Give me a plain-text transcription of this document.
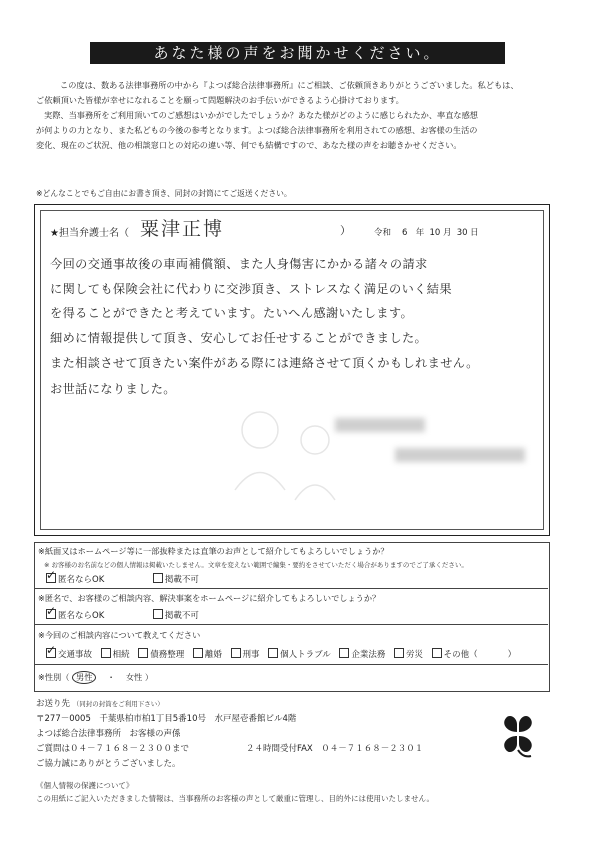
あなた様の声をお聞かせください。

この度は、数ある法律事務所の中から『よつば総合法律事務所』にご相談、ご依頼頂きありがとうございました。私どもは、

ご依頼頂いた皆様が幸せになれることを願って問題解決のお手伝いができるよう心掛けております。

実際、当事務所をご利用頂いてのご感想はいかがでしたでしょうか？あなた様がどのように感じられたか、率直な感想

が何よりの力となり、また私どもの今後の参考となります。よつば総合法律事務所を利用されての感想、お客様の生活の

変化、現在のご状況、他の相談窓口との対応の違い等、何でも結構ですので、あなた様の声をお聴きかせください。

※どんなことでもご自由にお書き頂き、同封の封筒にてご返送ください。
★担当弁護士名（ 粟津正博	）	令和 6 年 10 月 30 日
今回の交通事故後の車両補償額、また人身傷害にかかる諸々の請求
に関しても保険会社に代わりに交渉頂き、ストレスなく満足のいく結果
を得ることができたと考えています。たいへん感謝いたします。
細めに情報提供して頂き、安心してお任せすることができました。
また相談させて頂きたい案件がある際には連絡させて頂くかもしれません。
お世話になりました。
※紙面又はホームページ等に一部抜粋または直筆のお声として紹介してもよろしいでしょうか？
※ お客様のお名前などの個人情報は掲載いたしません。文章を変えない範囲で編集・要約をさせていただく場合がありますのでご了承ください。
✓匿名ならOK	掲載不可
※匿名で、お客様のご相談内容、解決事案をホームページに紹介してもよろしいでしょうか？
✓匿名ならOK	掲載不可
※今回のご相談内容について教えてください
✓交通事故 相続 債務整理 離婚 刑事 個人トラブル 企業法務 労災 その他（	）
※性別（ 男性 ・ 女性 ）
お送り先 （同封の封筒をご利用下さい）
〒277－0005　千葉県柏市柏1丁目5番10号　水戸屋壱番館ビル4階
よつば総合法律事務所　お客様の声係
ご質問は０４－７１６８－２３００まで	２４時間受付FAX　０４－７１６８－２３０１
ご協力誠にありがとうございました。
《個人情報の保護について》
この用紙にご記入いただきました情報は、当事務所のお客様の声として厳重に管理し、目的外には使用いたしません。
